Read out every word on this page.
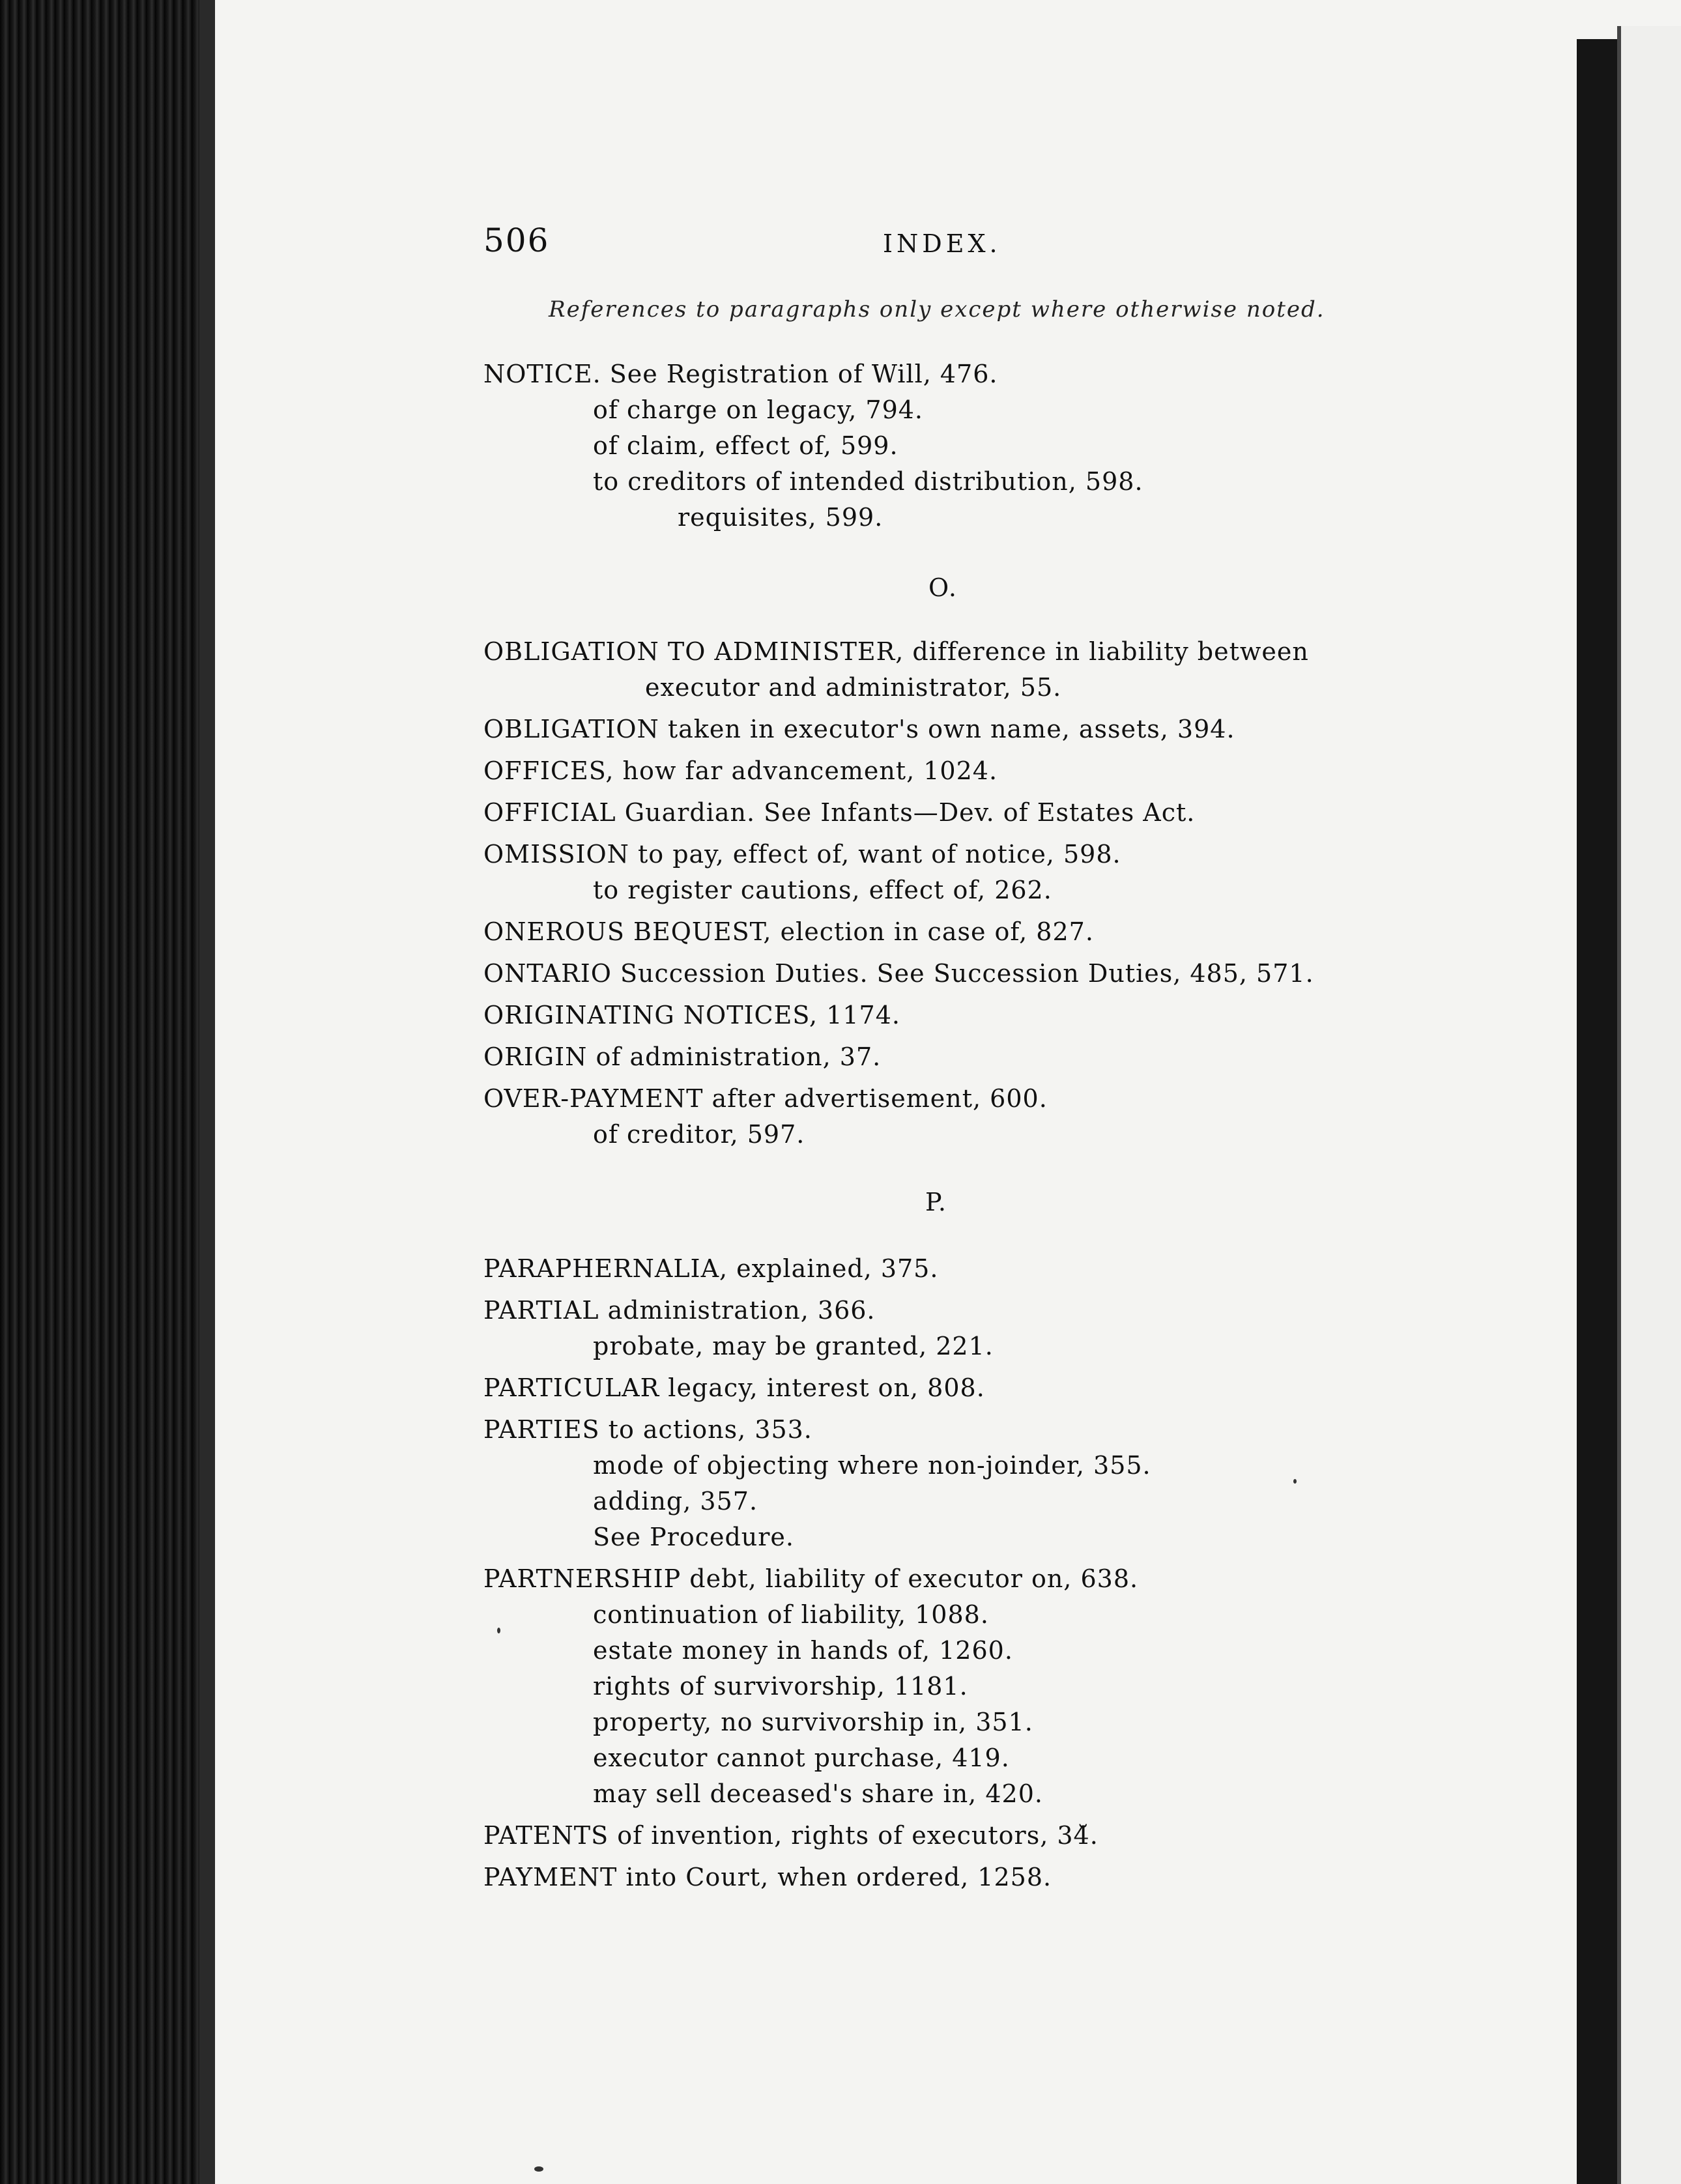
506	INDEX.
References to paragraphs only except where otherwise noted.
NOTICE. See Registration of Will, 476.
of charge on legacy, 794.
of claim, effect of, 599.
to creditors of intended distribution, 598.
requisites, 599.
O.
OBLIGATION TO ADMINISTER, difference in liability between
executor and administrator, 55.
OBLIGATION taken in executor's own name, assets, 394.
OFFICES, how far advancement, 1024.
OFFICIAL Guardian. See Infants—Dev. of Estates Act.
OMISSION to pay, effect of, want of notice, 598.
to register cautions, effect of, 262.
ONEROUS BEQUEST, election in case of, 827.
ONTARIO Succession Duties. See Succession Duties, 485, 571.
ORIGINATING NOTICES, 1174.
ORIGIN of administration, 37.
OVER-PAYMENT after advertisement, 600.
of creditor, 597.
P.
PARAPHERNALIA, explained, 375.
PARTIAL administration, 366.
probate, may be granted, 221.
PARTICULAR legacy, interest on, 808.
PARTIES to actions, 353.
mode of objecting where non-joinder, 355.
adding, 357.
See Procedure.
PARTNERSHIP debt, liability of executor on, 638.
continuation of liability, 1088.
estate money in hands of, 1260.
rights of survivorship, 1181.
property, no survivorship in, 351.
executor cannot purchase, 419.
may sell deceased's share in, 420.
PATENTS of invention, rights of executors, 34̆.
PAYMENT into Court, when ordered, 1258.
